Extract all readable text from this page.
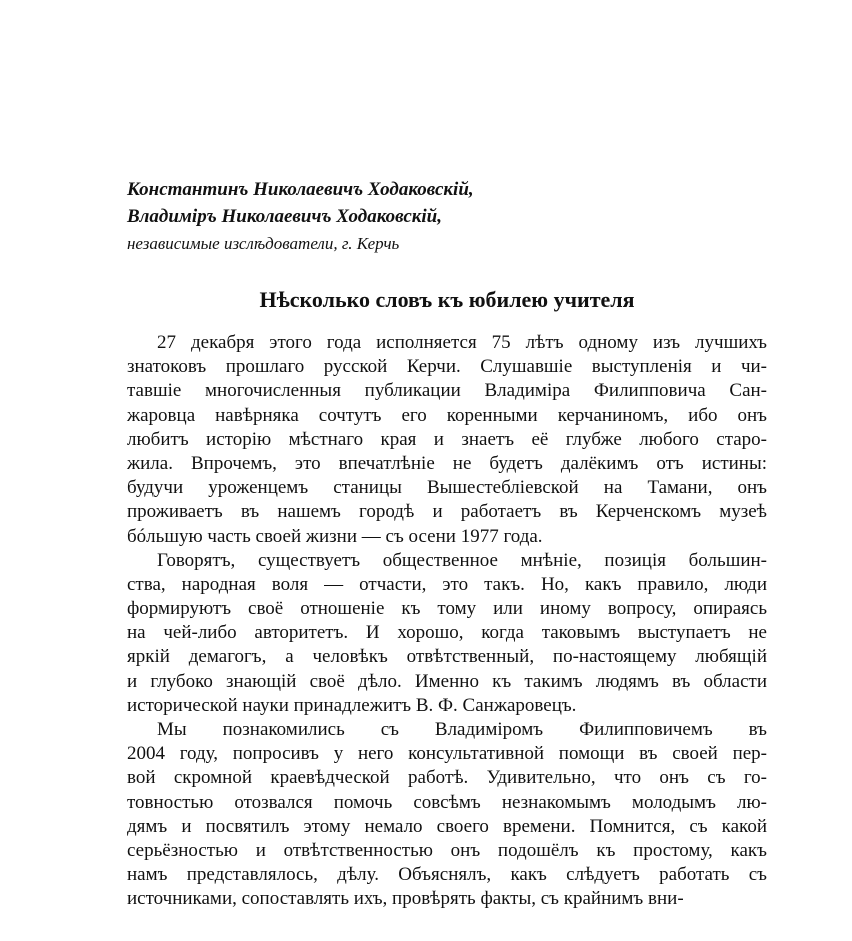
Константинъ Николаевичъ Ходаковскій,
Владиміръ Николаевичъ Ходаковскій,
независимые изслѣдователи, г. Керчь
Нѣсколько словъ къ юбилею учителя
27 декабря этого года исполняется 75 лѣтъ одному изъ лучшихъ
знатоковъ прошлаго русской Керчи. Слушавшіе выступленія и чи-
тавшіе многочисленныя публикации Владиміра Филипповича Сан-
жаровца навѣрняка сочтутъ его коренными керчаниномъ, ибо онъ
любитъ исторію мѣстнаго края и знаетъ её глубже любого старо-
жила. Впрочемъ, это впечатлѣніе не будетъ далёкимъ отъ истины:
будучи уроженцемъ станицы Вышестебліевской на Тамани, онъ
проживаетъ въ нашемъ городѣ и работаетъ въ Керченскомъ музеѣ
бóльшую часть своей жизни — съ осени 1977 года.
Говорятъ, существуетъ общественное мнѣніе, позиція большин-
ства, народная воля — отчасти, это такъ. Но, какъ правило, люди
формируютъ своё отношеніе къ тому или иному вопросу, опираясь
на чей-либо авторитетъ. И хорошо, когда таковымъ выступаетъ не
яркій демагогъ, а человѣкъ отвѣтственный, по-настоящему любящій
и глубоко знающій своё дѣло. Именно къ такимъ людямъ въ области
исторической науки принадлежитъ В. Ф. Санжаровецъ.
Мы познакомились съ Владиміромъ Филипповичемъ въ
2004 году, попросивъ у него консультативной помощи въ своей пер-
вой скромной краевѣдческой работѣ. Удивительно, что онъ съ го-
товностью отозвался помочь совсѣмъ незнакомымъ молодымъ лю-
дямъ и посвятилъ этому немало своего времени. Помнится, съ какой
серьёзностью и отвѣтственностью онъ подошёлъ къ простому, какъ
намъ представлялось, дѣлу. Объяснялъ, какъ слѣдуетъ работать съ
источниками, сопоставлять ихъ, провѣрять факты, съ крайнимъ вни-
